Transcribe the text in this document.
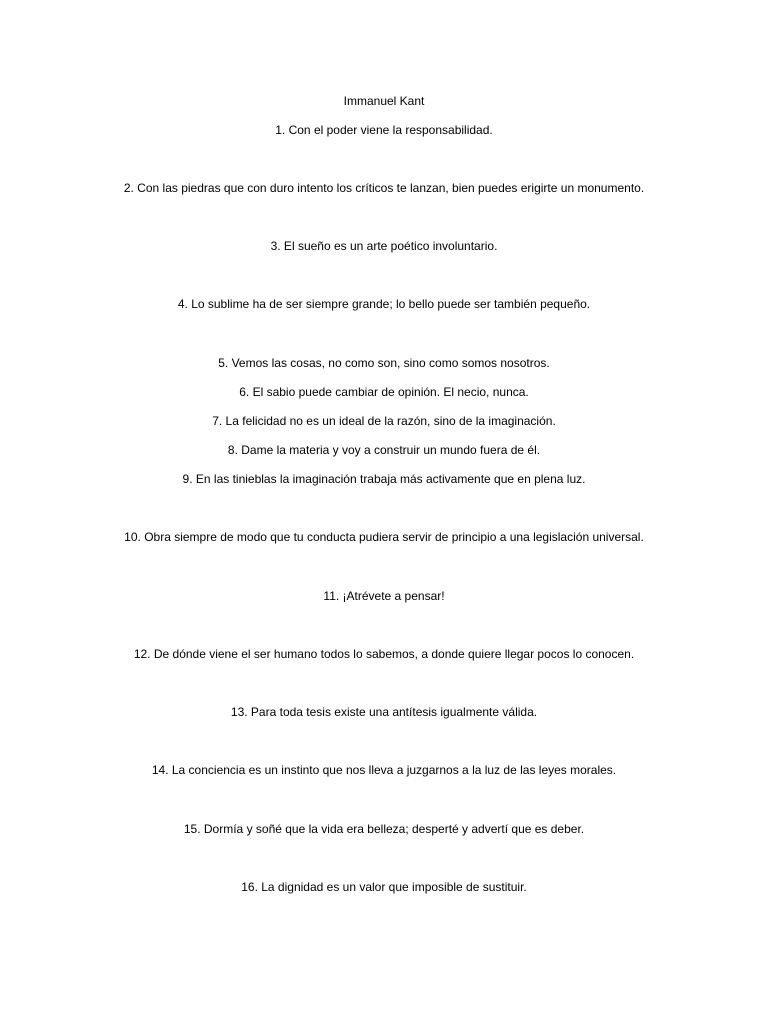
Immanuel Kant
1. Con el poder viene la responsabilidad.
2. Con las piedras que con duro intento los críticos te lanzan, bien puedes erigirte un monumento.
3. El sueño es un arte poético involuntario.
4. Lo sublime ha de ser siempre grande; lo bello puede ser también pequeño.
5. Vemos las cosas, no como son, sino como somos nosotros.
6. El sabio puede cambiar de opinión. El necio, nunca.
7. La felicidad no es un ideal de la razón, sino de la imaginación.
8. Dame la materia y voy a construir un mundo fuera de él.
9. En las tinieblas la imaginación trabaja más activamente que en plena luz.
10. Obra siempre de modo que tu conducta pudiera servir de principio a una legislación universal.
11. ¡Atrévete a pensar!
12. De dónde viene el ser humano todos lo sabemos, a donde quiere llegar pocos lo conocen.
13. Para toda tesis existe una antítesis igualmente válida.
14. La conciencia es un instinto que nos lleva a juzgarnos a la luz de las leyes morales.
15. Dormía y soñé que la vida era belleza; desperté y advertí que es deber.
16. La dignidad es un valor que imposible de sustituir.
